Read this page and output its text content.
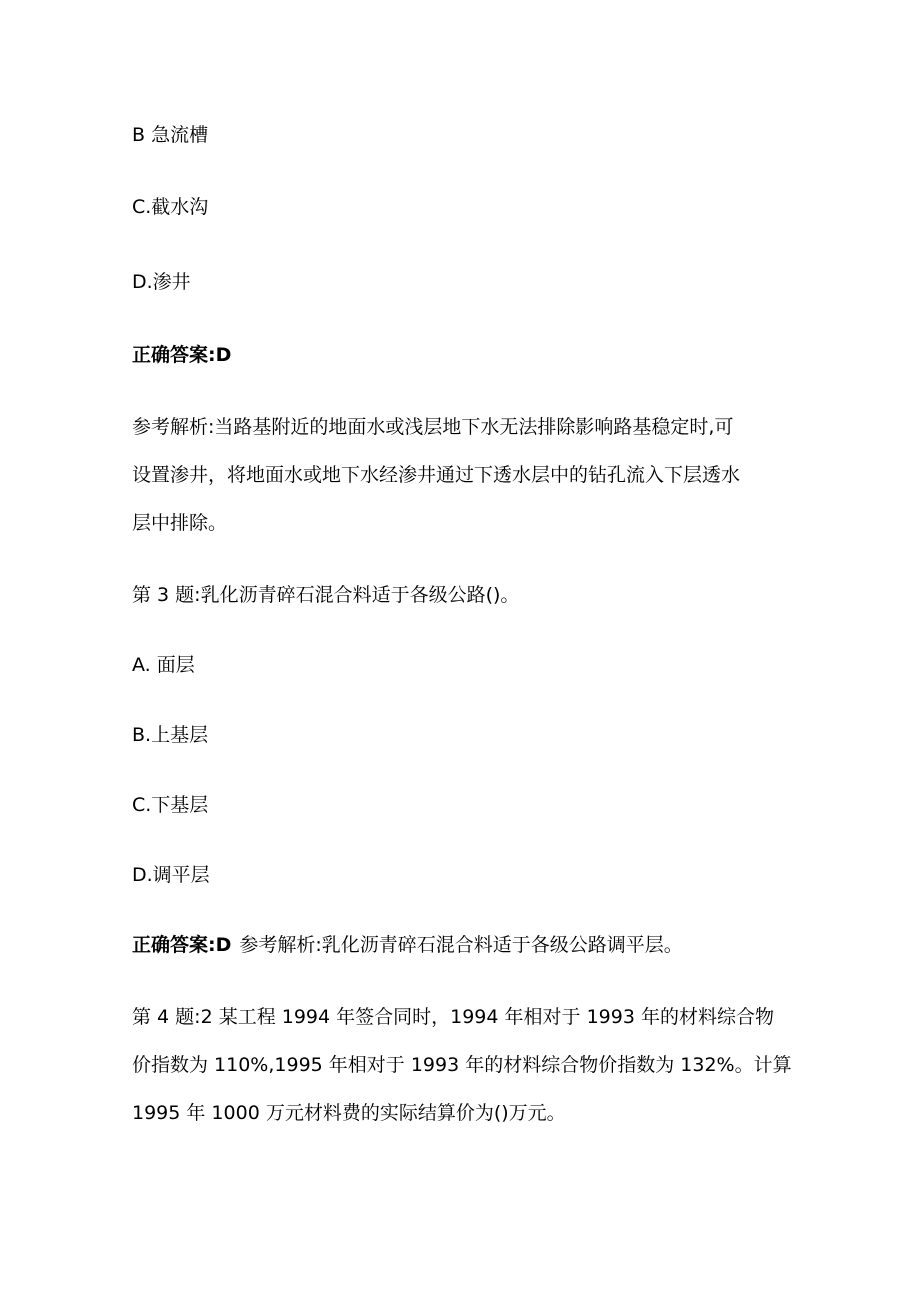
B 急流槽
C.截水沟
D.渗井
正确答案:D
参考解析:当路基附近的地面水或浅层地下水无法排除影响路基稳定时,可
设置渗井，将地面水或地下水经渗井通过下透水层中的钻孔流入下层透水
层中排除。
第 3 题:乳化沥青碎石混合料适于各级公路()。
A. 面层
B.上基层
C.下基层
D.调平层
正确答案:D 参考解析:乳化沥青碎石混合料适于各级公路调平层。
第 4 题:2 某工程 1994 年签合同时，1994 年相对于 1993 年的材料综合物
价指数为 110%,1995 年相对于 1993 年的材料综合物价指数为 132%。计算
1995 年 1000 万元材料费的实际结算价为()万元。
